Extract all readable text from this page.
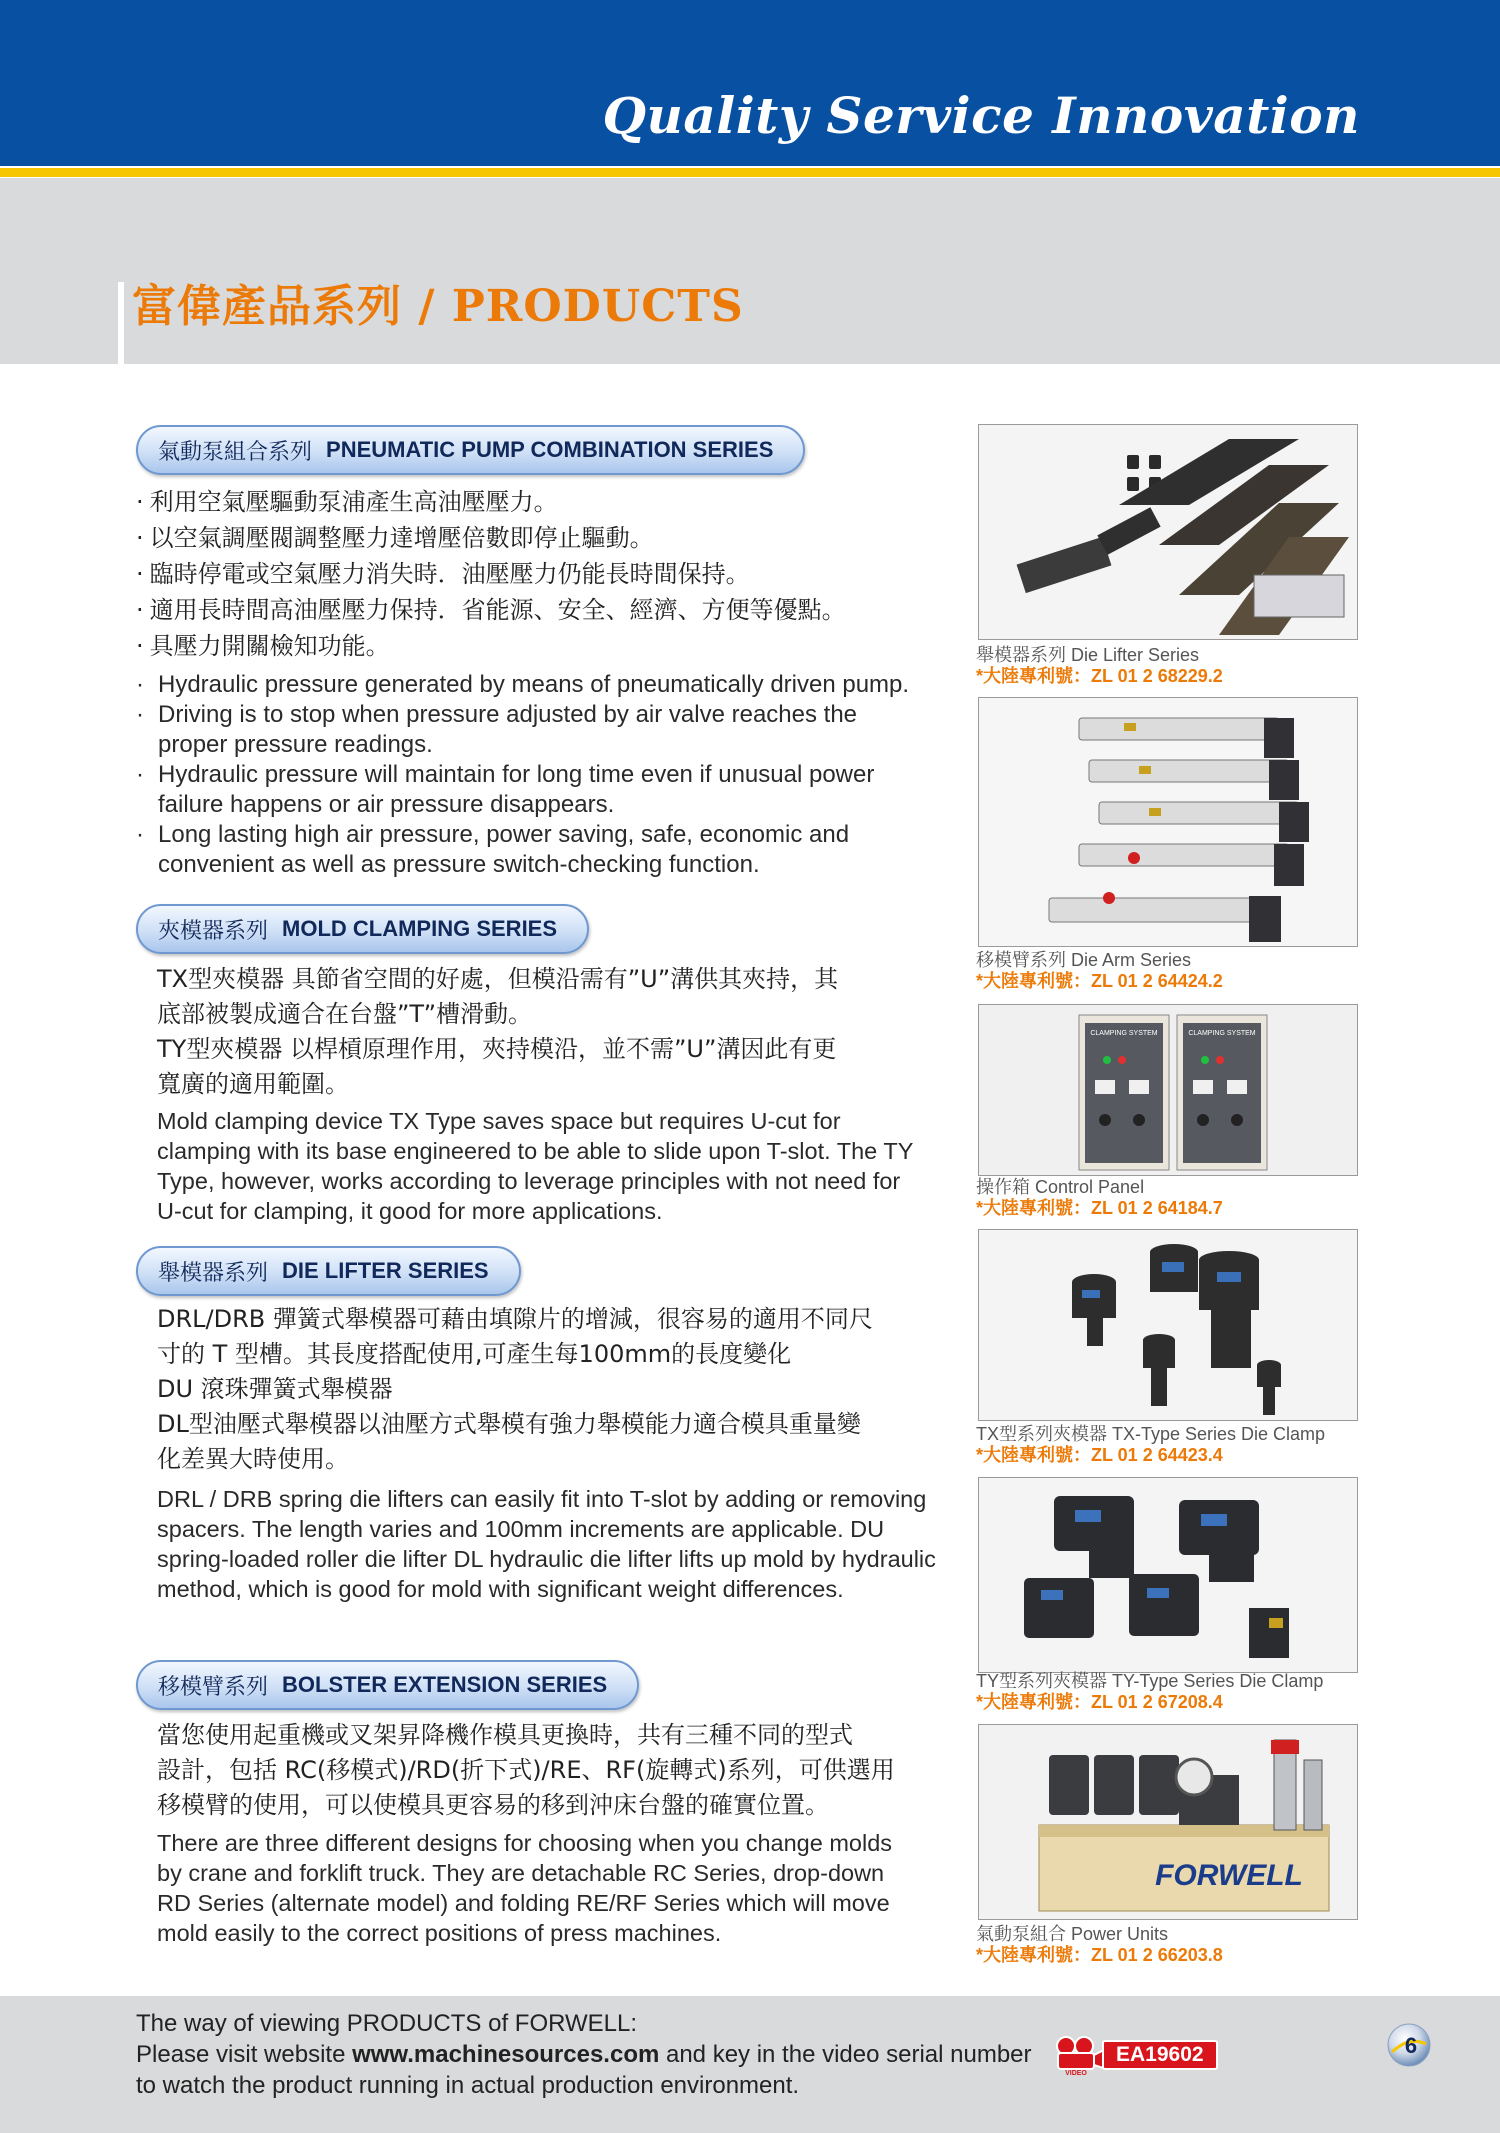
Quality Service Innovation
富偉產品系列 / PRODUCTS
氣動泵組合系列 PNEUMATIC PUMP COMBINATION SERIES
· 利用空氣壓驅動泵浦產生高油壓壓力。
· 以空氣調壓閥調整壓力達增壓倍數即停止驅動。
· 臨時停電或空氣壓力消失時．油壓壓力仍能長時間保持。
· 適用長時間高油壓壓力保持．省能源、安全、經濟、方便等優點。
· 具壓力開關檢知功能。
· Hydraulic pressure generated by means of pneumatically driven pump.
· Driving is to stop when pressure adjusted by air valve reaches the proper pressure readings.
· Hydraulic pressure will maintain for long time even if unusual power failure happens or air pressure disappears.
· Long lasting high air pressure, power saving, safe, economic and convenient as well as pressure switch-checking function.
夾模器系列 MOLD CLAMPING SERIES

TX型夾模器 具節省空間的好處，但模沿需有”U”溝供其夾持，其
底部被製成適合在台盤”T”槽滑動。

TY型夾模器 以桿槓原理作用，夾持模沿，並不需”U”溝因此有更
寬廣的適用範圍。

Mold clamping device TX Type saves space but requires U-cut for clamping with its base engineered to be able to slide upon T-slot. The TY Type, however, works according to leverage principles with not need for U-cut for clamping, it good for more applications.

舉模器系列 DIE LIFTER SERIES

DRL/DRB 彈簧式舉模器可藉由填隙片的增減，很容易的適用不同尺
寸的 T 型槽。其長度搭配使用,可產生每100mm的長度變化

DU 滾珠彈簧式舉模器

DL型油壓式舉模器以油壓方式舉模有強力舉模能力適合模具重量變
化差異大時使用。

DRL / DRB spring die lifters can easily fit into T-slot by adding or removing spacers. The length varies and 100mm increments are applicable. DU spring-loaded roller die lifter DL hydraulic die lifter lifts up mold by hydraulic method, which is good for mold with significant weight differences.

移模臂系列 BOLSTER EXTENSION SERIES

當您使用起重機或叉架昇降機作模具更換時，共有三種不同的型式
設計，包括 RC(移模式)/RD(折下式)/RE、RF(旋轉式)系列，可供選用
移模臂的使用，可以使模具更容易的移到沖床台盤的確實位置。

There are three different designs for choosing when you change molds by crane and forklift truck. They are detachable RC Series, drop-down RD Series (alternate model) and folding RE/RF Series which will move mold easily to the correct positions of press machines.

舉模器系列 Die Lifter Series
*大陸專利號：ZL 01 2 68229.2
移模臂系列 Die Arm Series
*大陸專利號：ZL 01 2 64424.2
CLAMPING SYSTEM	CLAMPING SYSTEM
操作箱 Control Panel
*大陸專利號：ZL 01 2 64184.7
TX型系列夾模器 TX-Type Series Die Clamp
*大陸專利號：ZL 01 2 64423.4
TY型系列夾模器 TY-Type Series Die Clamp
*大陸專利號：ZL 01 2 67208.4
FORWELL
氣動泵組合 Power Units
*大陸專利號：ZL 01 2 66203.8
The way of viewing PRODUCTS of FORWELL:
Please visit website www.machinesources.com and key in the video serial number
to watch the product running in actual production environment.	VIDEO
EA19602	6
